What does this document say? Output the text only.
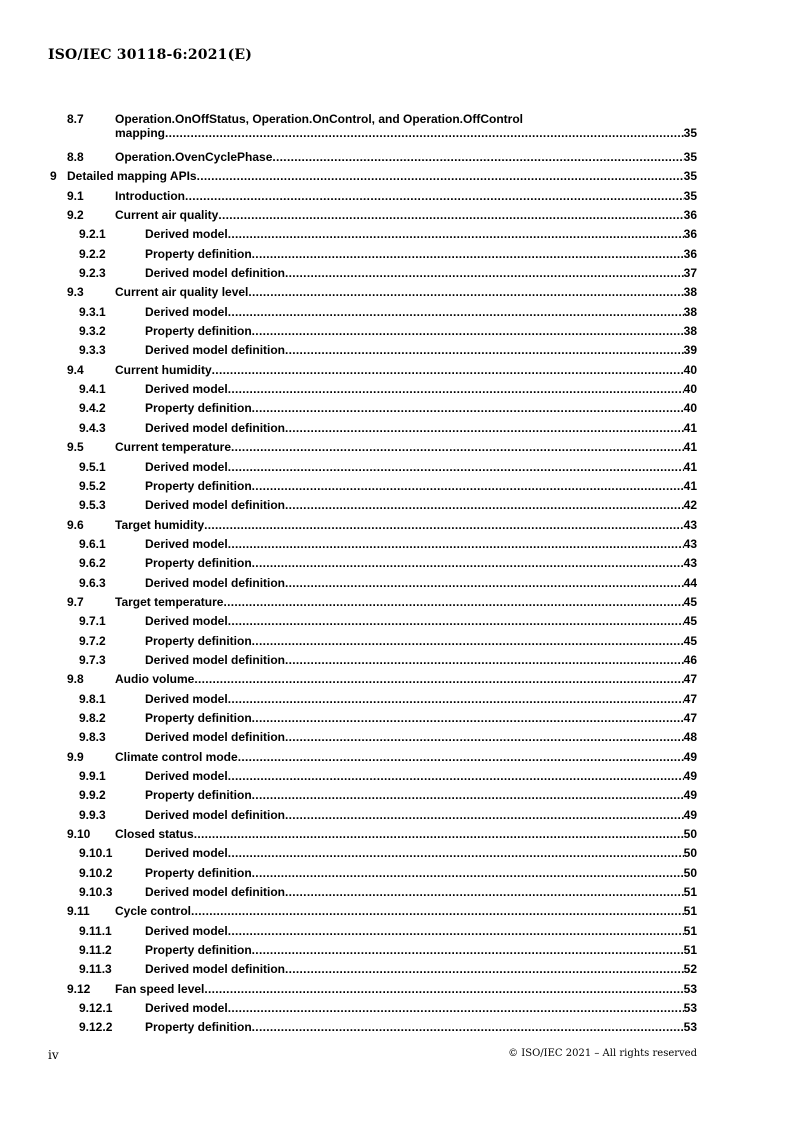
ISO/IEC 30118-6:2021(E)
8.7	Operation.OnOffStatus, Operation.OnControl, and Operation.OffControl
mapping .....	35
8.8	Operation.OvenCyclePhase .....	35
9 Detailed mapping APIs .....	35
9.1	Introduction .....	35
9.2	Current air quality .....	36
9.2.1	Derived model .....	36
9.2.2	Property definition .....	36
9.2.3	Derived model definition .....	37
9.3	Current air quality level .....	38
9.3.1	Derived model .....	38
9.3.2	Property definition .....	38
9.3.3	Derived model definition .....	39
9.4	Current humidity .....	40
9.4.1	Derived model .....	40
9.4.2	Property definition .....	40
9.4.3	Derived model definition .....	41
9.5	Current temperature .....	41
9.5.1	Derived model .....	41
9.5.2	Property definition .....	41
9.5.3	Derived model definition .....	42
9.6	Target humidity .....	43
9.6.1	Derived model .....	43
9.6.2	Property definition .....	43
9.6.3	Derived model definition .....	44
9.7	Target temperature .....	45
9.7.1	Derived model .....	45
9.7.2	Property definition .....	45
9.7.3	Derived model definition .....	46
9.8	Audio volume .....	47
9.8.1	Derived model .....	47
9.8.2	Property definition .....	47
9.8.3	Derived model definition .....	48
9.9	Climate control mode .....	49
9.9.1	Derived model .....	49
9.9.2	Property definition .....	49
9.9.3	Derived model definition .....	49
9.10 Closed status .....	50
9.10.1	Derived model .....	50
9.10.2	Property definition .....	50
9.10.3	Derived model definition .....	51
9.11 Cycle control .....	51
9.11.1	Derived model .....	51
9.11.2	Property definition .....	51
9.11.3	Derived model definition .....	52
9.12 Fan speed level .....	53
9.12.1	Derived model .....	53
9.12.2	Property definition .....	53
iv	© ISO/IEC 2021 – All rights reserved
